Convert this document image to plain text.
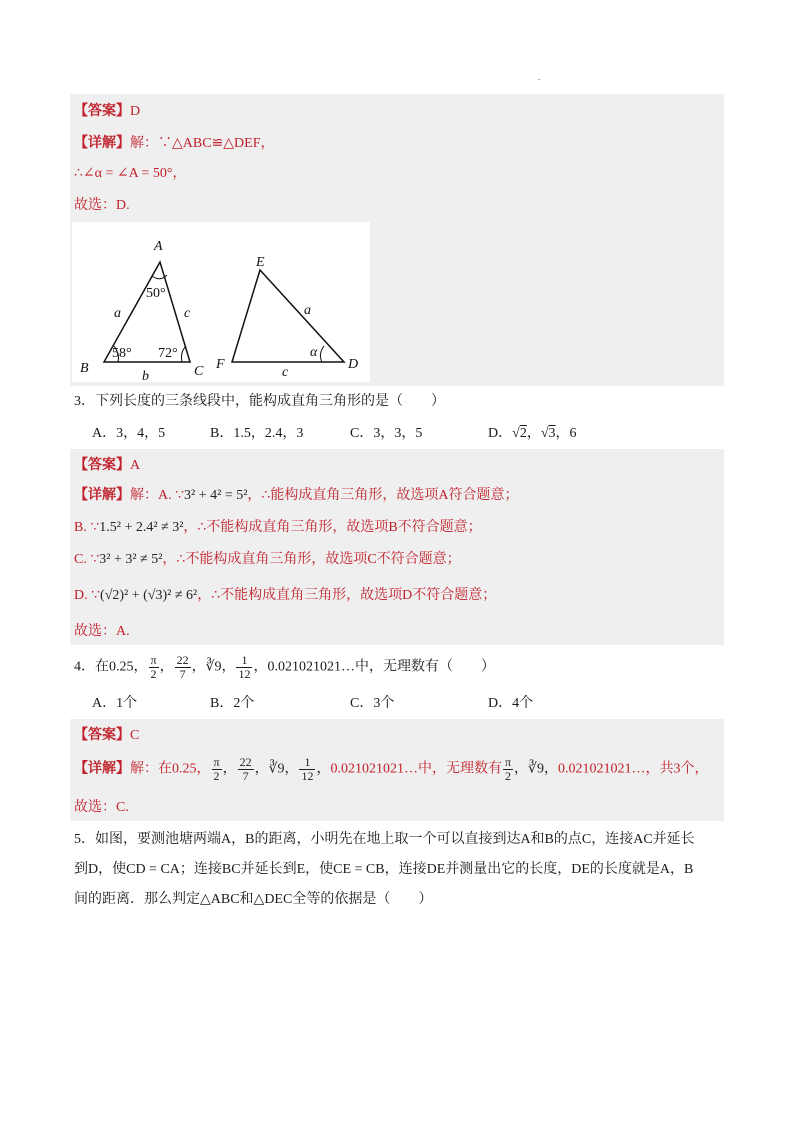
.
【答案】D
【详解】解：∵△ABC≌△DEF，
∴∠α = ∠A = 50°，
故选：D.
A
B	C
a
b
c
50°
58° 72°
E
F	D
a
c
α
3．下列长度的三条线段中，能构成直角三角形的是（　　）
A．3，4，5	B．1.5，2.4，3	C．3，3，5	D．√2，√3，6
【答案】A
【详解】解：A. ∵3² + 4² = 5²，∴能构成直角三角形，故选项A符合题意；
B. ∵1.5² + 2.4² ≠ 3²，∴不能构成直角三角形，故选项B不符合题意；
C. ∵3² + 3² ≠ 5²，∴不能构成直角三角形，故选项C不符合题意；
D. ∵(√2)² + (√3)² ≠ 6²，∴不能构成直角三角形，故选项D不符合题意；
故选：A.
4．在0.25， $\frac{\pi}{2}$ ， $\frac{22}{7}$ ，∛9， $\frac{1}{12}$ ，0.021021021…中，无理数有（　　）
A．1个	B．2个	C．3个	D．4个
【答案】C
【详解】解：在0.25， $\frac{\pi}{2}$ ， $\frac{22}{7}$ ，∛9， $\frac{1}{12}$ ，0.021021021…中，无理数有 $\frac{\pi}{2}$ ，∛9，0.021021021…，共3个，
故选：C.
5．如图，要测池塘两端A，B的距离，小明先在地上取一个可以直接到达A和B的点C，连接AC并延长
到D，使CD = CA；连接BC并延长到E，使CE = CB，连接DE并测量出它的长度，DE的长度就是A，B
间的距离．那么判定△ABC和△DEC全等的依据是（　　）
